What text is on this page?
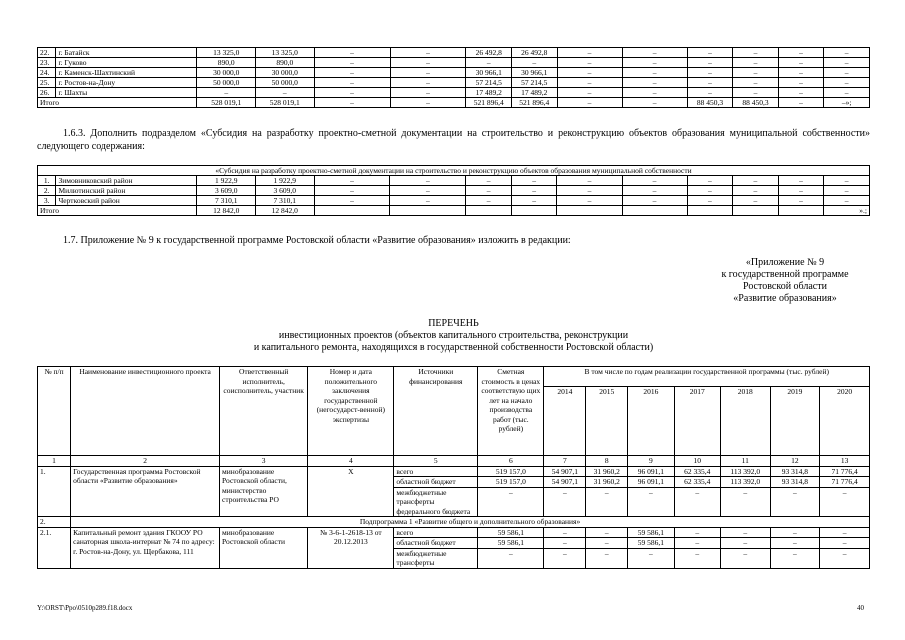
22.	г. Батайск	13 325,0	13 325,0	–	–	26 492,8	26 492,8	–	–	–	–	–	–
23.	г. Гуково	890,0	890,0	–	–	–	–	–	–	–	–	–	–
24.	г. Каменск-Шахтинский	30 000,0	30 000,0	–	–	30 966,1	30 966,1	–	–	–	–	–	–
25.	г. Ростов-на-Дону	50 000,0	50 000,0	–	–	57 214,5	57 214,5	–	–	–	–	–	–
26.	г. Шахты	–	–	–	–	17 489,2	17 489,2	–	–	–	–	–	–
Итого		528 019,1	528 019,1	–	–	521 896,4	521 896,4	–	–	88 450,3	88 450,3	–	–»;
1.6.3. Дополнить подразделом «Субсидия на разработку проектно-сметной документации на строительство и реконструкцию объектов образования муниципальной собственности» следующего содержания:
«Субсидия на разработку проектно-сметной документации на строительство и реконструкцию объектов образования муниципальной собственности													
1.	Зимовниковский район	1 922,9	1 922,9	–	–	–	–	–	–	–	–	–	–
2.	Милютинский район	3 609,0	3 609,0	–	–	–	–	–	–	–	–	–	–
3.	Чертковский район	7 310,1	7 310,1	–	–	–	–	–	–	–	–	–	–
Итого		12 842,0	12 842,0										».;
1.7. Приложение № 9 к государственной программе Ростовской области «Развитие образования» изложить в редакции:
«Приложение № 9
к государственной программе
Ростовской области
«Развитие образования»
ПЕРЕЧЕНЬ
инвестиционных проектов (объектов капитального строительства, реконструкции
и капитального ремонта, находящихся в государственной собственности Ростовской области)
№ п/п	Наименование инвестиционного проекта	Ответственный исполнитель, соисполнитель, участник	Номер и дата положительного заключения государственной (негосударст-венной) экспертизы	Источники финансирования	Сметная стоимость в ценах соответствую щих лет на начало производства работ (тыс. рублей)	В том числе по годам реализации государственной программы (тыс. рублей)						
						2014	2015	2016	2017	2018	2019	2020
1	2	3	4	5	6	7	8	9	10	11	12	13
1.	Государственная программа Ростовской области «Развитие образования»	минобразование Ростовской области, министерство строительства РО	Х	всего	519 157,0	54 907,1	31 960,2	96 091,1	62 335,4	113 392,0	93 314,8	71 776,4
				областной бюджет	519 157,0	54 907,1	31 960,2	96 091,1	62 335,4	113 392,0	93 314,8	71 776,4
				межбюджетные трансферты федерального бюджета	–	–	–	–	–	–	–	–
2.	Подпрограмма 1 «Развитие общего и дополнительного образования»											
2.1.	Капитальный ремонт здания ГКООУ РО санаторная школа-интернат № 74 по адресу: г. Ростов-на-Дону, ул. Щербакова, 111	минобразование Ростовской области	№ 3-6-1-2618-13 от 20.12.2013	всего	59 586,1	–	–	59 586,1	–	–	–	–
				областной бюджет	59 586,1	–	–	59 586,1	–	–	–	–
				межбюджетные трансферты	–	–	–	–	–	–	–	–
Y:\ORST\Ppo\0510p289.f18.docx	40
